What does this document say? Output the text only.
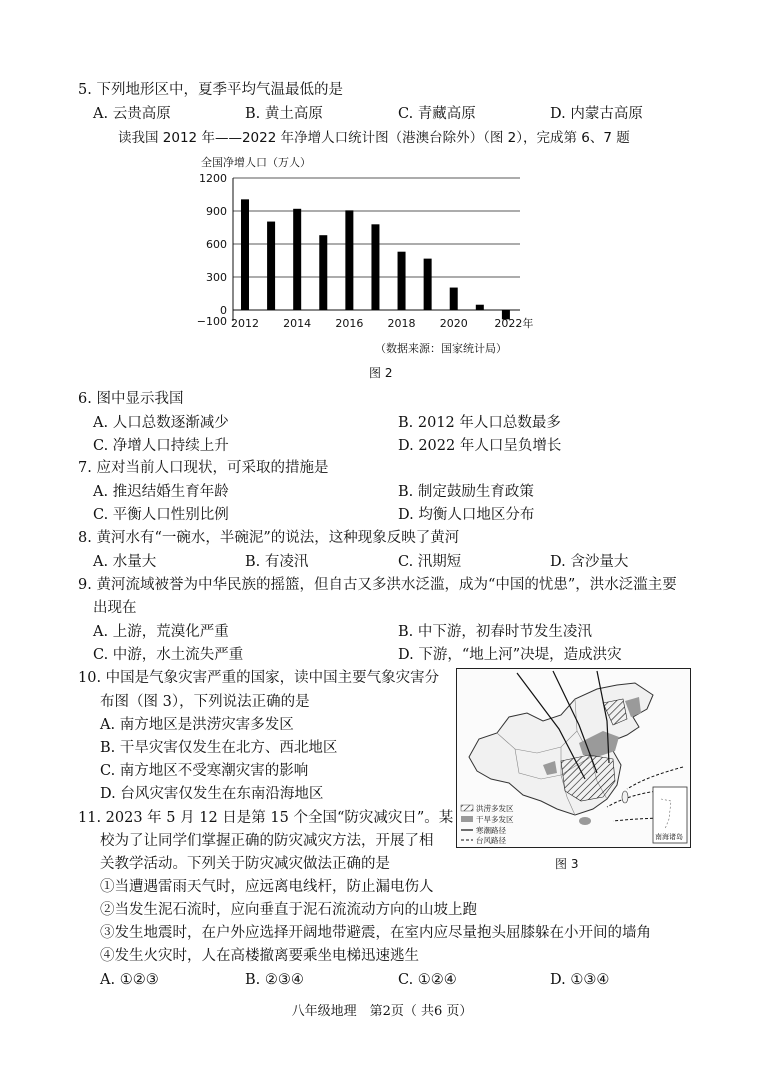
5. 下列地形区中，夏季平均气温最低的是
A. 云贵高原	B. 黄土高原	C. 青藏高原	D. 内蒙古高原
读我国 2012 年——2022 年净增人口统计图（港澳台除外）（图 2），完成第 6、7 题
全国净增人口（万人）
1200
900
600
300
0
−100 2012 2014 2016 2018 2020 2022年
（数据来源：国家统计局）
图 2
6. 图中显示我国
A. 人口总数逐渐减少	B. 2012 年人口总数最多
C. 净增人口持续上升	D. 2022 年人口呈负增长
7. 应对当前人口现状，可采取的措施是
A. 推迟结婚生育年龄	B. 制定鼓励生育政策
C. 平衡人口性别比例	D. 均衡人口地区分布
8. 黄河水有“一碗水，半碗泥”的说法，这种现象反映了黄河
A. 水量大	B. 有凌汛	C. 汛期短	D. 含沙量大
9. 黄河流域被誉为中华民族的摇篮，但自古又多洪水泛滥，成为“中国的忧患”，洪水泛滥主要
出现在
A. 上游，荒漠化严重	B. 中下游，初春时节发生凌汛
C. 中游，水土流失严重	D. 下游，“地上河”决堤，造成洪灾
10. 中国是气象灾害严重的国家，读中国主要气象灾害分
布图（图 3），下列说法正确的是
A. 南方地区是洪涝灾害多发区
B. 干旱灾害仅发生在北方、西北地区
C. 南方地区不受寒潮灾害的影响
D. 台风灾害仅发生在东南沿海地区
洪涝多发区
干旱多发区
寒潮路径
台风路径	南海诸岛
图 3
11. 2023 年 5 月 12 日是第 15 个全国“防灾减灾日”。某
校为了让同学们掌握正确的防灾减灾方法，开展了相
关教学活动。下列关于防灾减灾做法正确的是
①当遭遇雷雨天气时，应远离电线杆，防止漏电伤人
②当发生泥石流时，应向垂直于泥石流流动方向的山坡上跑
③发生地震时，在户外应选择开阔地带避震，在室内应尽量抱头屈膝躲在小开间的墙角
④发生火灾时，人在高楼撤离要乘坐电梯迅速逃生
A. ①②③	B. ②③④	C. ①②④	D. ①③④
八年级地理　第2页（ 共6 页）
